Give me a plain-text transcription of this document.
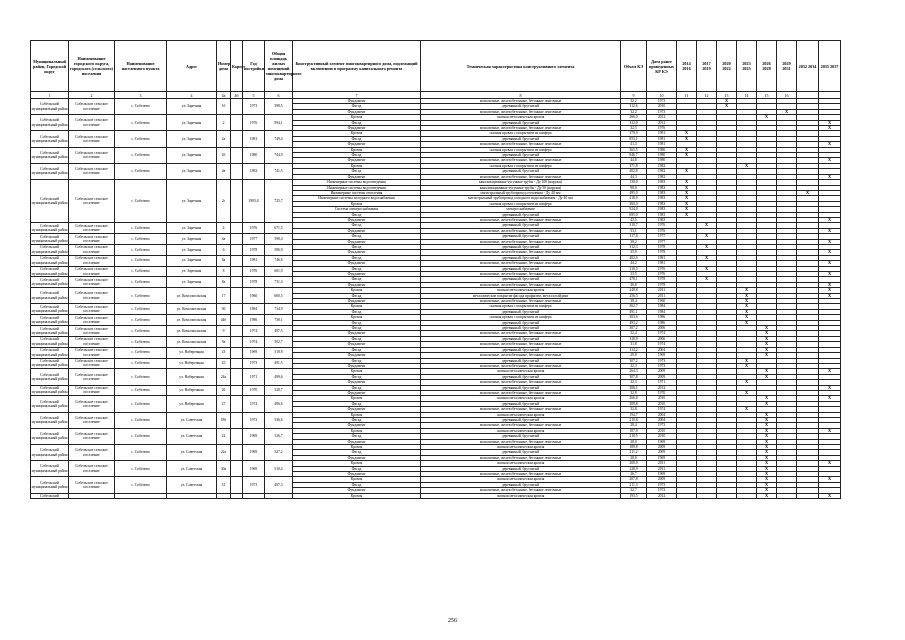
Муниципальный район, Городской округ	Наименование городского округа, городского (сельского) поселения	Наименование населенного пункта	Адрес	Номер дома	Корпус	Год постройки	Общая площадь жилых помещений многоквартирного дома	Конструктивный элемент многоквартирного дома, подлежащий включению в программу капитального ремонта	Техническая характеристика конструктивного элемента	Объем КЭ	Дата ранее проведенных КР КЭ	2014 2016	2017 2019	2020 2022	2023 2025	2026 2028	2029 2031	2032 2034	2035 2037
1	2	3	4	4а	4б	5	6	7	8	9	10	11	12	13	14	15	16		
Собельский муниципальный район	Собельское сельское поселение	с. Собелево	ул. Заречная	1б		1973	598,5	Фундамент	монолитные, железобетонные, бетонные ленточные	32,2	1973			X					
								Фасад	деревянный, брусчатый	312,6	2010			X					
								Фундамент	монолитные, железобетонные, бетонные ленточные	32,2	1973						X		
Собельский муниципальный район	Собельское сельское поселение	с. Собелево	ул. Заречная	2		1976	994,1	Кровля	скатная металлическая кровля	266,0	2012					X			
								Фасад	деревянный, брусчатый	312,0	2012								X
								Фундамент	монолитные, железобетонные, бетонные ленточные	32,5	1976								X
Собельский муниципальный район	Собельское сельское поселение	с. Собелево	ул. Заречная	2а		1981	749,4	Кровля	скатная кровля с покрытием из шифера	379,9	1981	X							
								Фасад	деревянный, брусчатый	853,1	1981	X							
								Фундамент	монолитные, железобетонные, бетонные ленточные	41,3	1981								X
Собельский муниципальный район	Собельское сельское поселение	с. Собелево	ул. Заречная	2б		1980	744,9	Кровля	скатная кровля с покрытием из шифера	365,5	1980	X							
								Фасад	деревянный, брусчатый	846,7	1980	X							
								Фундамент	монолитные, железобетонные, бетонные ленточные	44,8	1980								X
Собельский муниципальный район	Собельское сельское поселение	с. Собелево	ул. Заречная	2в		1982	741,5	Кровля	скатная кровля с покрытием из шифера	371,8	1982				X				
								Фасад	деревянный, брусчатый	402,8	1982	X							
								Фундамент	монолитные, железобетонные, бетонные ленточные	44,3	1982								X
Собельский муниципальный район	Собельское сельское поселение	с. Собелево	ул. Заречная	2г		1983,0	725,7	Инженерные системы водоотведения	канализационные чугунные трубы - Ду 100 (наружн)	130,0	1983	X							
								Инженерные системы водоотведения	канализационные чугунные трубы - Ду 50 (наружн)	98,0	1983	X							
								Инженерные системы отопления	магистральный трубопровод отопления - Ду 40 мм	495,0	1983	X						X	
								Инженерные системы холодного водоснабжения	магистральный трубопровод холодного водоснабжения - Ду 40 мм	418,0	1983	X							
								Кровля	скатная кровля с покрытием из шифера	360,0	1983	X							
								Система электроснабжения	электроснабжение	924,0	1983	X							
								Фасад	деревянный, брусчатый	695,0	1983	X							
								Фундамент	монолитные, железобетонные, бетонные ленточные	43,5	1983								X
Собельский муниципальный район	Собельское сельское поселение	с. Собелево	ул. Заречная	4		1976	671,5	Фасад	деревянный, брусчатый	310,7	1976		X						
								Фундамент	монолитные, железобетонные, бетонные ленточные	33,1	1976								X
Собельский муниципальный район	Собельское сельское поселение	с. Собелево	ул. Заречная	4а		1977	598,4	Фасад	деревянный, брусчатый	317,0	1977		X						
								Фундамент	монолитные, железобетонные, бетонные ленточные	38,2	1977								X
Собельский муниципальный район	Собельское сельское поселение	с. Собелево	ул. Заречная	6		1978	586,9	Фасад	деревянный, брусчатый	312,3	1978		X						
								Фундамент	монолитные, железобетонные, бетонные ленточные	35,9	1978								X
Собельский муниципальный район	Собельское сельское поселение	с. Собелево	ул. Заречная	6а		1981	746,6	Фасад	деревянный, брусчатый	402,6	1981		X						
								Фундамент	монолитные, железобетонные, бетонные ленточные	44,2	1981								X
Собельский муниципальный район	Собельское сельское поселение	с. Собелево	ул. Заречная	8		1976	601,0	Фасад	деревянный, брусчатый	310,5	1976		X						
								Фундамент	монолитные, железобетонные, бетонные ленточные	33,5	1976								X
Собельский муниципальный район	Собельское сельское поселение	с. Собелево	ул. Заречная	8а		1978	731,4	Фасад	деревянный, брусчатый	478,1	1978		X						
								Фундамент	монолитные, железобетонные, бетонные ленточные	46,8	1978								X
Собельский муниципальный район	Собельское сельское поселение	с. Собелево	ул. Комсомольская	17		1960	600,5	Кровля	скатная металлическая кровля	248,8	2011				X				X
								Фасад	металлические покрытие фасада профилем, металлосайдинг	256,5	2011				X				X
								Фундамент	монолитные, железобетонные, бетонные ленточные	38,4	1960				X				
Собельский муниципальный район	Собельское сельское поселение	с. Собелево	ул. Комсомольская	36		1984	734,9	Кровля	скатная кровля с покрытием из шифера	362,7	1984				X				
								Фасад	деревянный, брусчатый	491,1	1984				X				
Собельский муниципальный район	Собельское сельское поселение	с. Собелево	ул. Комсомольская	44б		1986	738,1	Кровля	скатная кровля с покрытием из шифера	303,6	1986				X				
								Фасад	деревянный, брусчатый	493,2	1986				X				
Собельский муниципальный район	Собельское сельское поселение	с. Собелево	ул. Комсомольская	9		1974	497,5	Фасад	деревянный, брусчатый	307,2	2006					X			
								Фундамент	монолитные, железобетонные, бетонные ленточные	32,4	1974					X			
Собельский муниципальный район	Собельское сельское поселение	с. Собелево	ул. Комсомольская	9а		1974	502,7	Фасад	деревянный, брусчатый	310,9	2006					X			
								Фундамент	монолитные, железобетонные, бетонные ленточные	31,8	1974					X			
Собельский муниципальный район	Собельское сельское поселение	с. Собелево	ул. Набережная	23		1969	518,8	Фасад	деревянный, брусчатый	314,2	2004					X			
								Фундамент	монолитные, железобетонные, бетонные ленточные	29,8	1969					X			
Собельский муниципальный район	Собельское сельское поселение	с. Собелево	ул. Набережная	25		1973	491,5	Фасад	деревянный, брусчатый	307,2	1973				X				
								Фундамент	монолитные, железобетонные, бетонные ленточные	32,3	1973				X				
Собельский муниципальный район	Собельское сельское поселение	с. Собелево	ул. Набережная	24а		1971	499,6	Кровля	скатная металлическая кровля	264,3	2009					X			X
								Фасад	деревянный, брусчатый	307,8	2009					X			
								Фундамент	монолитные, железобетонные, бетонные ленточные	32,3	1971				X				
Собельский муниципальный район	Собельское сельское поселение	с. Собелево	ул. Набережная	26		1970	528,7	Фасад	деревянный, брусчатый	306,1	2012								X
								Фундамент	монолитные, железобетонные, бетонные ленточные	32,8	1970				X				
Собельский муниципальный район	Собельское сельское поселение	с. Собелево	ул. Набережная	27		1974	496,6	Кровля	скатная металлическая кровля	266,8	2010					X			X
								Фасад	деревянный, брусчатый	308,8	2010					X			
								Фундамент	монолитные, железобетонные, бетонные ленточные	32,8	1974				X				
Собельский муниципальный район	Собельское сельское поселение	с. Собелево	ул. Советская	18б		1973	536,6	Кровля	скатная металлическая кровля	194,7	2004					X			
								Фасад	деревянный, брусчатый	210,8	2004					X			
								Фундамент	монолитные, железобетонные, бетонные ленточные	28,4	1973					X			
Собельский муниципальный район	Собельское сельское поселение	с. Собелево	ул. Советская	22		1969	526,7	Кровля	скатная металлическая кровля	107,0	2010					X			X
								Фасад	деревянный, брусчатый	210,5	2010					X			
								Фундамент	монолитные, железобетонные, бетонные ленточные	28,0	1969					X			
Собельский муниципальный район	Собельское сельское поселение	с. Собелево	ул. Советская	22а		1969	527,2	Кровля	скатная металлическая кровля	189,8	2009					X			
								Фасад	деревянный, брусчатый	211,2	2009					X			
								Фундамент	монолитные, железобетонные, бетонные ленточные	28,0	1969					X			
Собельский муниципальный район	Собельское сельское поселение	с. Собелево	ул. Советская	30а		1969	510,2	Кровля	скатная металлическая кровля	200,0	2011					X			X
								Фасад	деревянный, брусчатый	228,9	2011					X			
								Фундамент	монолитные, железобетонные, бетонные ленточные	26,7	1969					X			
Собельский муниципальный район	Собельское сельское поселение	с. Собелево	ул. Советская	31		1973	497,3	Кровля	скатная металлическая кровля	207,8	2009					X			X
								Фасад	деревянный, брусчатый	211,3	1973					X			
								Фундамент	монолитные, железобетонные, бетонные ленточные	32,7	1973					X			
Собельский								Кровля	скатная металлическая кровля	193,5	2012					X			X
256
